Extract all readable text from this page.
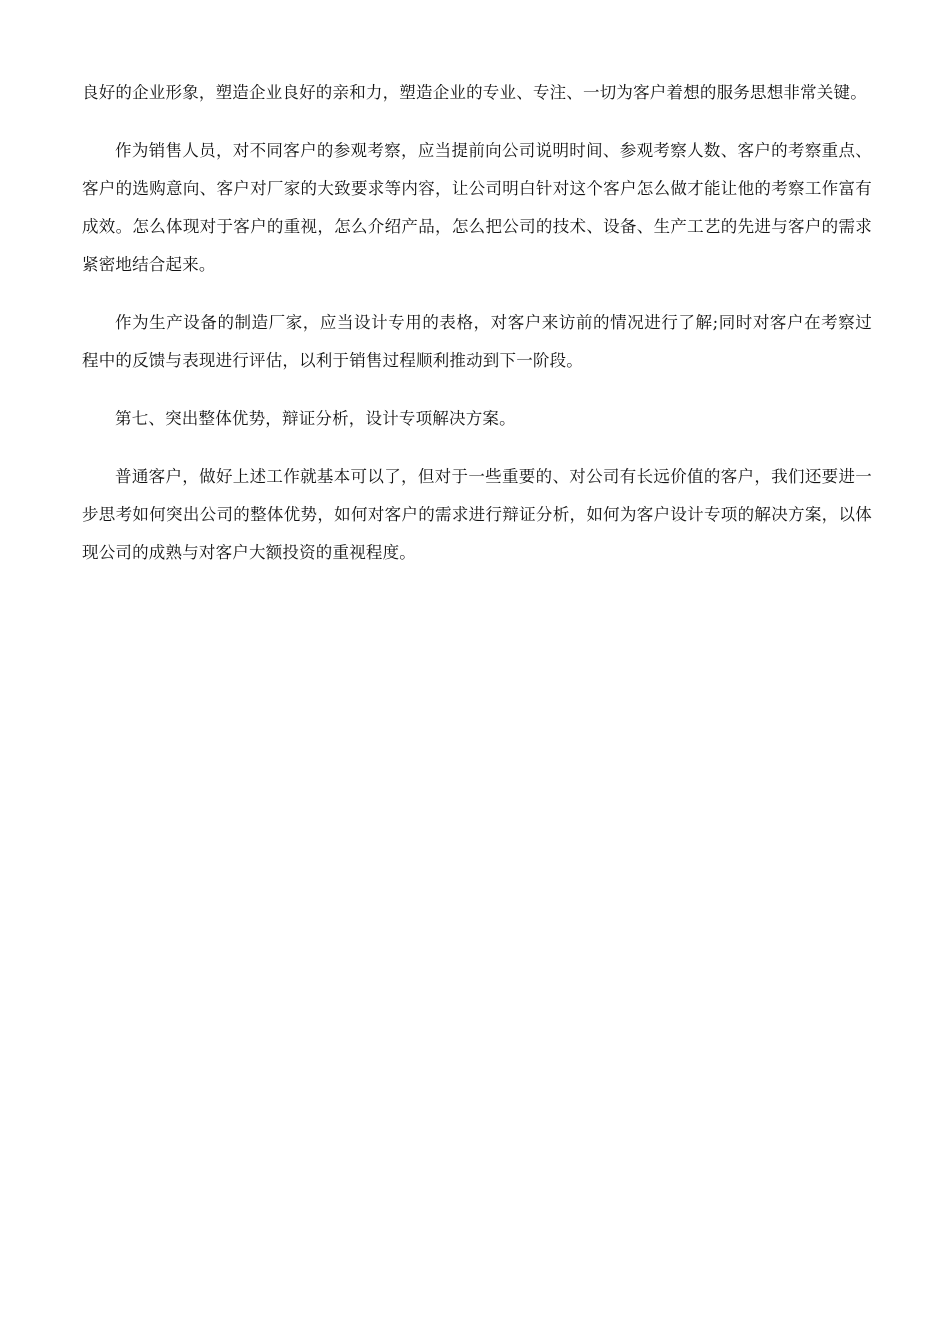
良好的企业形象，塑造企业良好的亲和力，塑造企业的专业、专注、一切为客户着想的服务思想非常关键。

作为销售人员，对不同客户的参观考察，应当提前向公司说明时间、参观考察人数、客户的考察重点、客户的选购意向、客户对厂家的大致要求等内容，让公司明白针对这个客户怎么做才能让他的考察工作富有成效。怎么体现对于客户的重视，怎么介绍产品，怎么把公司的技术、设备、生产工艺的先进与客户的需求紧密地结合起来。

作为生产设备的制造厂家，应当设计专用的表格，对客户来访前的情况进行了解;同时对客户在考察过程中的反馈与表现进行评估，以利于销售过程顺利推动到下一阶段。

第七、突出整体优势，辩证分析，设计专项解决方案。

普通客户，做好上述工作就基本可以了，但对于一些重要的、对公司有长远价值的客户，我们还要进一步思考如何突出公司的整体优势，如何对客户的需求进行辩证分析，如何为客户设计专项的解决方案，以体现公司的成熟与对客户大额投资的重视程度。
